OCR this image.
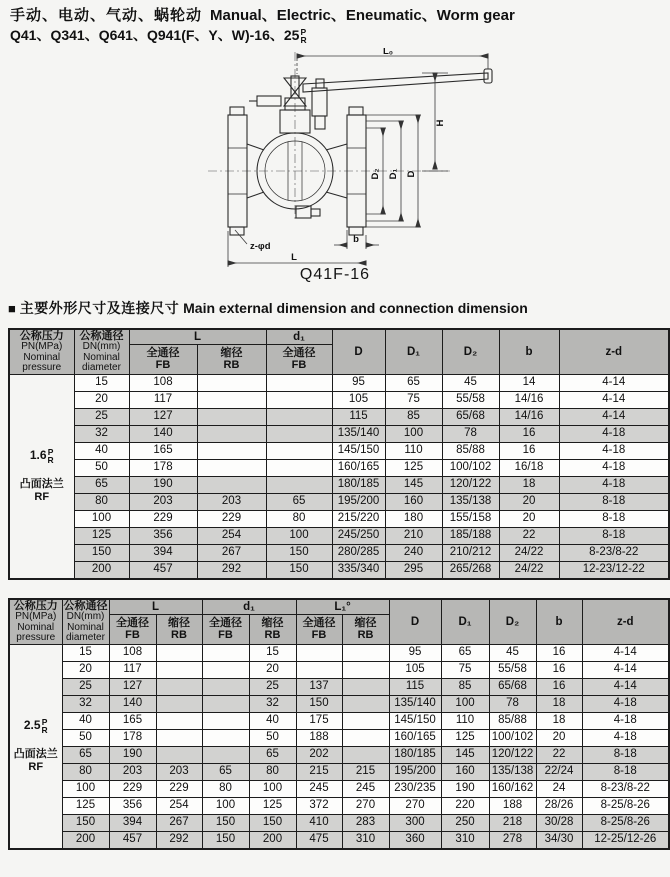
手动、电动、气动、蜗轮动 Manual、Electric、Eneumatic、Worm gear
Q41、Q341、Q641、Q941(F、Y、W)-16、25 P
R
L₀
H
D₂ D₁ D
b
L
z-φd
Q41F-16
■ 主要外形尺寸及连接尺寸 Main external dimension and connection dimension
公称压力
PN(MPa)
Nominal
pressure

公称通径
DN(mm)
Nominal
diameter
	L	d₁	D	D₁	D₂	b	z-d

全通径
FB

缩径
RB

全通径
FB

1.6 P
R
凸面法兰
RF	15	108			95	65	45	14	4-14
	20	117			105	75	55/58	14/16	4-14
	25	127			115	85	65/68	14/16	4-14
	32	140			135/140	100	78	16	4-18
	40	165			145/150	110	85/88	16	4-18
	50	178			160/165	125	100/102	16/18	4-18
	65	190			180/185	145	120/122	18	4-18
	80	203	203	65	195/200	160	135/138	20	8-18
	100	229	229	80	215/220	180	155/158	20	8-18
	125	356	254	100	245/250	210	185/188	22	8-18
	150	394	267	150	280/285	240	210/212	24/22	8-23/8-22
	200	457	292	150	335/340	295	265/268	24/22	12-23/12-22
公称压力
PN(MPa)
Nominal
pressure

公称通径
DN(mm)
Nominal
diameter
	L	d₁	L₁°	D	D₁	D₂	b	z-d

全通径
FB

缩径
RB

全通径
FB

缩径
RB

全通径
FB

缩径
RB

2.5 P
R
凸面法兰
RF	15	108			15			95	65	45	16	4-14
	20	117			20			105	75	55/58	16	4-14
	25	127			25	137		115	85	65/68	16	4-14
	32	140			32	150		135/140	100	78	18	4-18
	40	165			40	175		145/150	110	85/88	18	4-18
	50	178			50	188		160/165	125	100/102	20	4-18
	65	190			65	202		180/185	145	120/122	22	8-18
	80	203	203	65	80	215	215	195/200	160	135/138	22/24	8-18
	100	229	229	80	100	245	245	230/235	190	160/162	24	8-23/8-22
	125	356	254	100	125	372	270	270	220	188	28/26	8-25/8-26
	150	394	267	150	150	410	283	300	250	218	30/28	8-25/8-26
	200	457	292	150	200	475	310	360	310	278	34/30	12-25/12-26
